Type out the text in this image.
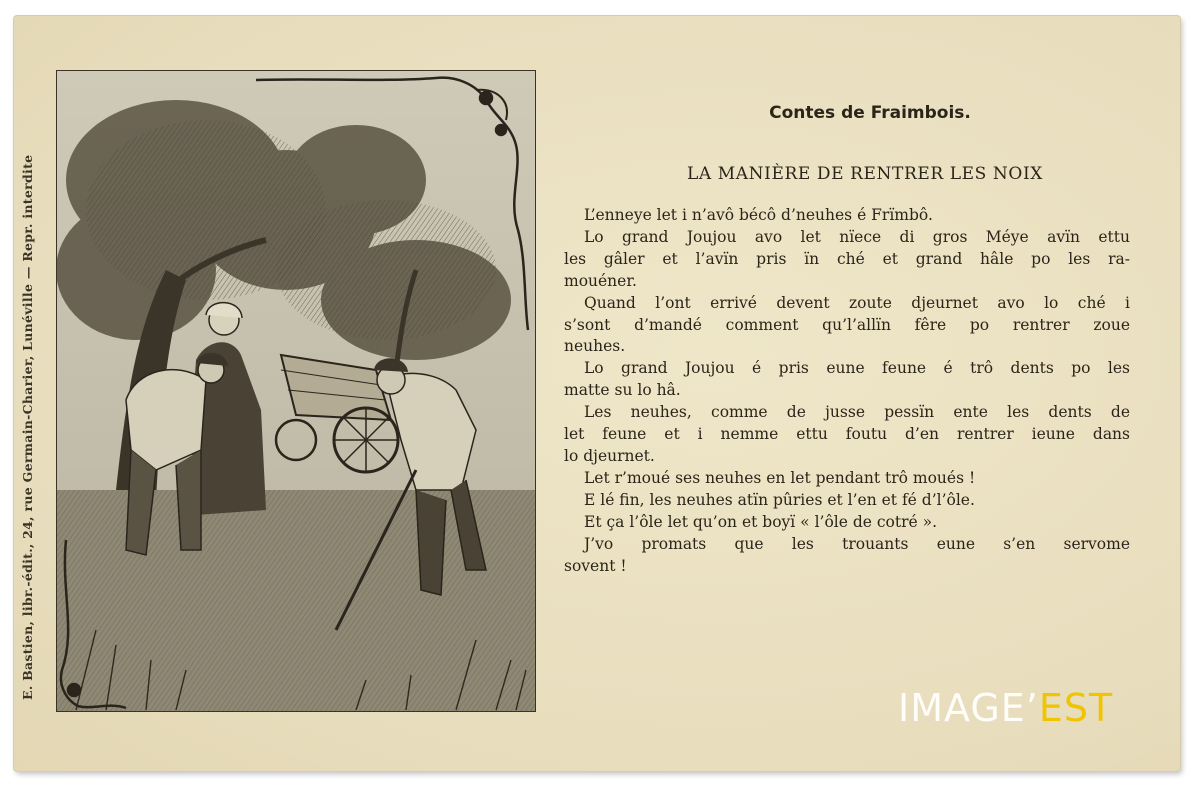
E. Bastien, libr.-édit., 24, rue Germain-Charier, Lunéville — Repr. interdite
Contes de Fraimbois.
LA MANIÈRE DE RENTRER LES NOIX
L’enneye let i n’avô bécô d’neuhes é Frïmbô.
Lo grand Joujou avo let nïece di gros Méye avïn ettu
les gâler et l’avïn pris ïn ché et grand hâle po les ra-
mouéner.
Quand l’ont errivé devent zoute djeurnet avo lo ché i
s’sont d’mandé comment qu’l’allïn fêre po rentrer zoue
neuhes.
Lo grand Joujou é pris eune feune é trô dents po les
matte su lo hâ.
Les neuhes, comme de jusse pessïn ente les dents de
let feune et i nemme ettu foutu d’en rentrer ieune dans
lo djeurnet.
Let r’moué ses neuhes en let pendant trô moués !
E lé fin, les neuhes atïn pûries et l’en et fé d’l’ôle.
Et ça l’ôle let qu’on et boyï « l’ôle de cotré ».
J’vo promats que les trouants eune s’en servome
sovent !
IMAGE’EST
